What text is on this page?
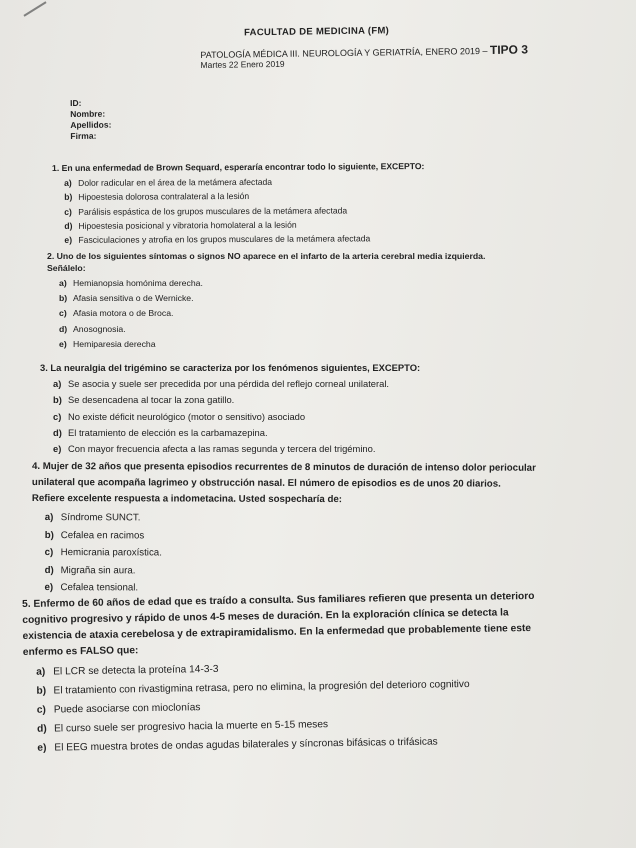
FACULTAD DE MEDICINA (FM)
PATOLOGÍA MÉDICA III. NEUROLOGÍA Y GERIATRÍA, ENERO 2019 – TIPO 3
Martes 22 Enero 2019
ID:
Nombre:
Apellidos:
Firma:
1. En una enfermedad de Brown Sequard, esperaría encontrar todo lo siguiente, EXCEPTO:
a) Dolor radicular en el área de la metámera afectada
b) Hipoestesia dolorosa contralateral a la lesión
c) Parálisis espástica de los grupos musculares de la metámera afectada
d) Hipoestesia posicional y vibratoria homolateral a la lesión
e) Fasciculaciones y atrofia en los grupos musculares de la metámera afectada
2. Uno de los siguientes síntomas o signos NO aparece en el infarto de la arteria cerebral media izquierda.
Señálelo:
a) Hemianopsia homónima derecha.
b) Afasia sensitiva o de Wernicke.
c) Afasia motora o de Broca.
d) Anosognosia.
e) Hemiparesia derecha
3. La neuralgia del trigémino se caracteriza por los fenómenos siguientes, EXCEPTO:
a) Se asocia y suele ser precedida por una pérdida del reflejo corneal unilateral.
b) Se desencadena al tocar la zona gatillo.
c) No existe déficit neurológico (motor o sensitivo) asociado
d) El tratamiento de elección es la carbamazepina.
e) Con mayor frecuencia afecta a las ramas segunda y tercera del trigémino.
4. Mujer de 32 años que presenta episodios recurrentes de 8 minutos de duración de intenso dolor periocular
unilateral que acompaña lagrimeo y obstrucción nasal. El número de episodios es de unos 20 diarios.
Refiere excelente respuesta a indometacina. Usted sospecharía de:
a) Síndrome SUNCT.
b) Cefalea en racimos
c) Hemicrania paroxística.
d) Migraña sin aura.
e) Cefalea tensional.
5. Enfermo de 60 años de edad que es traído a consulta. Sus familiares refieren que presenta un deterioro
cognitivo progresivo y rápido de unos 4-5 meses de duración. En la exploración clínica se detecta la
existencia de ataxia cerebelosa y de extrapiramidalismo. En la enfermedad que probablemente tiene este
enfermo es FALSO que:
a) El LCR se detecta la proteína 14-3-3
b) El tratamiento con rivastigmina retrasa, pero no elimina, la progresión del deterioro cognitivo
c) Puede asociarse con mioclonías
d) El curso suele ser progresivo hacia la muerte en 5-15 meses
e) El EEG muestra brotes de ondas agudas bilaterales y síncronas bifásicas o trifásicas
